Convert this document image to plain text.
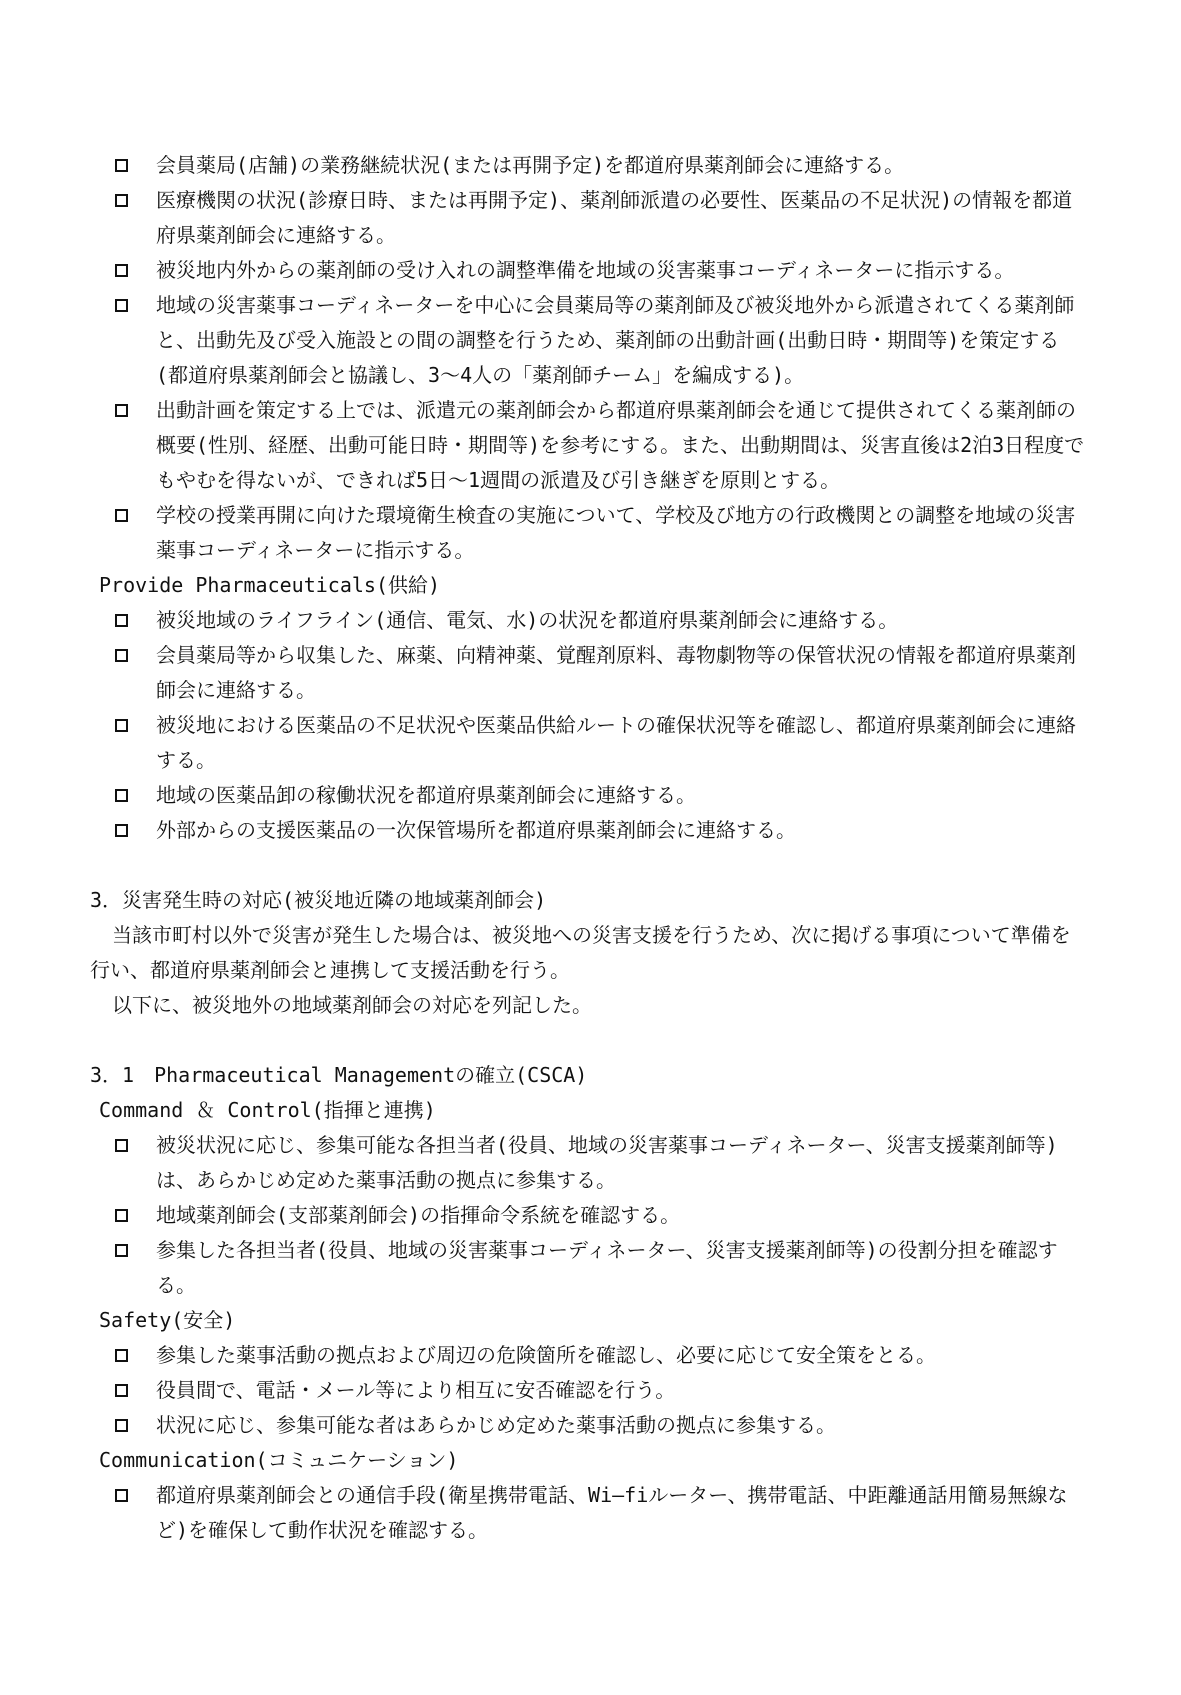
会員薬局(店舗)の業務継続状況(または再開予定)を都道府県薬剤師会に連絡する。
医療機関の状況(診療日時、または再開予定)、薬剤師派遣の必要性、医薬品の不足状況)の情報を都道府県薬剤師会に連絡する。
被災地内外からの薬剤師の受け入れの調整準備を地域の災害薬事コーディネーターに指示する。
地域の災害薬事コーディネーターを中心に会員薬局等の薬剤師及び被災地外から派遣されてくる薬剤師と、出動先及び受入施設との間の調整を行うため、薬剤師の出動計画(出動日時・期間等)を策定する(都道府県薬剤師会と協議し、3～4人の「薬剤師チーム」を編成する)。
出動計画を策定する上では、派遣元の薬剤師会から都道府県薬剤師会を通じて提供されてくる薬剤師の概要(性別、経歴、出動可能日時・期間等)を参考にする。また、出動期間は、災害直後は2泊3日程度でもやむを得ないが、できれば5日～1週間の派遣及び引き継ぎを原則とする。
学校の授業再開に向けた環境衛生検査の実施について、学校及び地方の行政機関との調整を地域の災害薬事コーディネーターに指示する。
Provide Pharmaceuticals(供給)
被災地域のライフライン(通信、電気、水)の状況を都道府県薬剤師会に連絡する。
会員薬局等から収集した、麻薬、向精神薬、覚醒剤原料、毒物劇物等の保管状況の情報を都道府県薬剤師会に連絡する。
被災地における医薬品の不足状況や医薬品供給ルートの確保状況等を確認し、都道府県薬剤師会に連絡する。
地域の医薬品卸の稼働状況を都道府県薬剤師会に連絡する。
外部からの支援医薬品の一次保管場所を都道府県薬剤師会に連絡する。
3．災害発生時の対応(被災地近隣の地域薬剤師会)
当該市町村以外で災害が発生した場合は、被災地への災害支援を行うため、次に掲げる事項について準備を行い、都道府県薬剤師会と連携して支援活動を行う。
以下に、被災地外の地域薬剤師会の対応を列記した。
3．1　Pharmaceutical Managementの確立(CSCA)
Command ＆ Control(指揮と連携)
被災状況に応じ、参集可能な各担当者(役員、地域の災害薬事コーディネーター、災害支援薬剤師等)は、あらかじめ定めた薬事活動の拠点に参集する。
地域薬剤師会(支部薬剤師会)の指揮命令系統を確認する。
参集した各担当者(役員、地域の災害薬事コーディネーター、災害支援薬剤師等)の役割分担を確認する。
Safety(安全)
参集した薬事活動の拠点および周辺の危険箇所を確認し、必要に応じて安全策をとる。
役員間で、電話・メール等により相互に安否確認を行う。
状況に応じ、参集可能な者はあらかじめ定めた薬事活動の拠点に参集する。
Communication(コミュニケーション)
都道府県薬剤師会との通信手段(衛星携帯電話、Wi—fiルーター、携帯電話、中距離通話用簡易無線など)を確保して動作状況を確認する。
